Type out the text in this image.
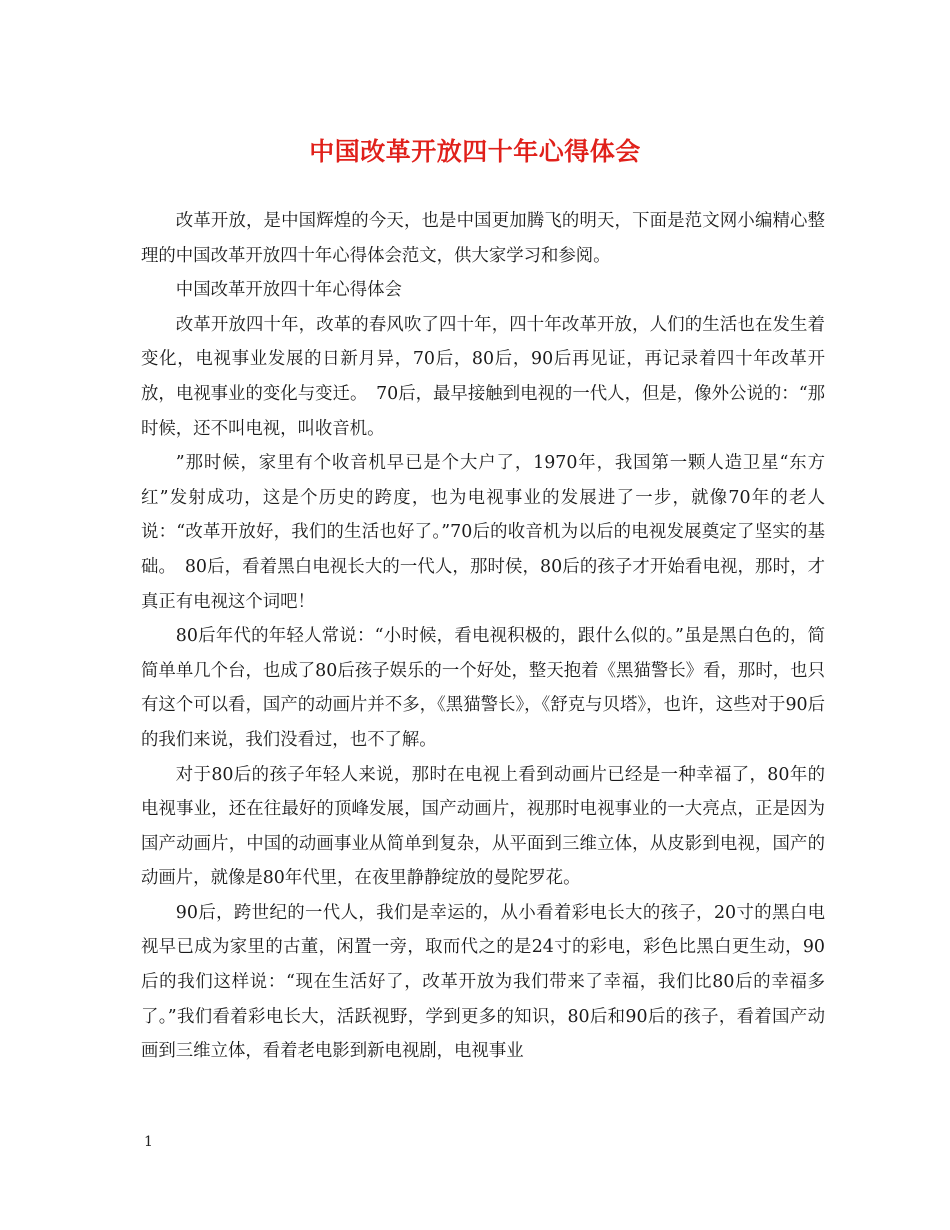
中国改革开放四十年心得体会

改革开放，是中国辉煌的今天，也是中国更加腾飞的明天，下面是范文网小编精心整理的中国改革开放四十年心得体会范文，供大家学习和参阅。

中国改革开放四十年心得体会

改革开放四十年，改革的春风吹了四十年，四十年改革开放，人们的生活也在发生着变化，电视事业发展的日新月异，70后，80后，90后再见证，再记录着四十年改革开放，电视事业的变化与变迁。　70后，最早接触到电视的一代人，但是，像外公说的：“那时候，还不叫电视，叫收音机。

”那时候，家里有个收音机早已是个大户了，1970年，我国第一颗人造卫星“东方红”发射成功，这是个历史的跨度，也为电视事业的发展进了一步，就像70年的老人说：“改革开放好，我们的生活也好了。”70后的收音机为以后的电视发展奠定了坚实的基础。　80后，看着黑白电视长大的一代人，那时侯，80后的孩子才开始看电视，那时，才真正有电视这个词吧！

80后年代的年轻人常说：“小时候，看电视积极的，跟什么似的。”虽是黑白色的，简简单单几个台，也成了80后孩子娱乐的一个好处，整天抱着《黑猫警长》看，那时，也只有这个可以看，国产的动画片并不多，《黑猫警长》，《舒克与贝塔》，也许，这些对于90后的我们来说，我们没看过，也不了解。

对于80后的孩子年轻人来说，那时在电视上看到动画片已经是一种幸福了，80年的电视事业，还在往最好的顶峰发展，国产动画片，视那时电视事业的一大亮点，正是因为国产动画片，中国的动画事业从简单到复杂，从平面到三维立体，从皮影到电视，国产的动画片，就像是80年代里，在夜里静静绽放的曼陀罗花。

90后，跨世纪的一代人，我们是幸运的，从小看着彩电长大的孩子，20寸的黑白电视早已成为家里的古董，闲置一旁，取而代之的是24寸的彩电，彩色比黑白更生动，90后的我们这样说：“现在生活好了，改革开放为我们带来了幸福，我们比80后的幸福多了。”我们看着彩电长大，活跃视野，学到更多的知识，80后和90后的孩子，看着国产动画到三维立体，看着老电影到新电视剧，电视事业

1
